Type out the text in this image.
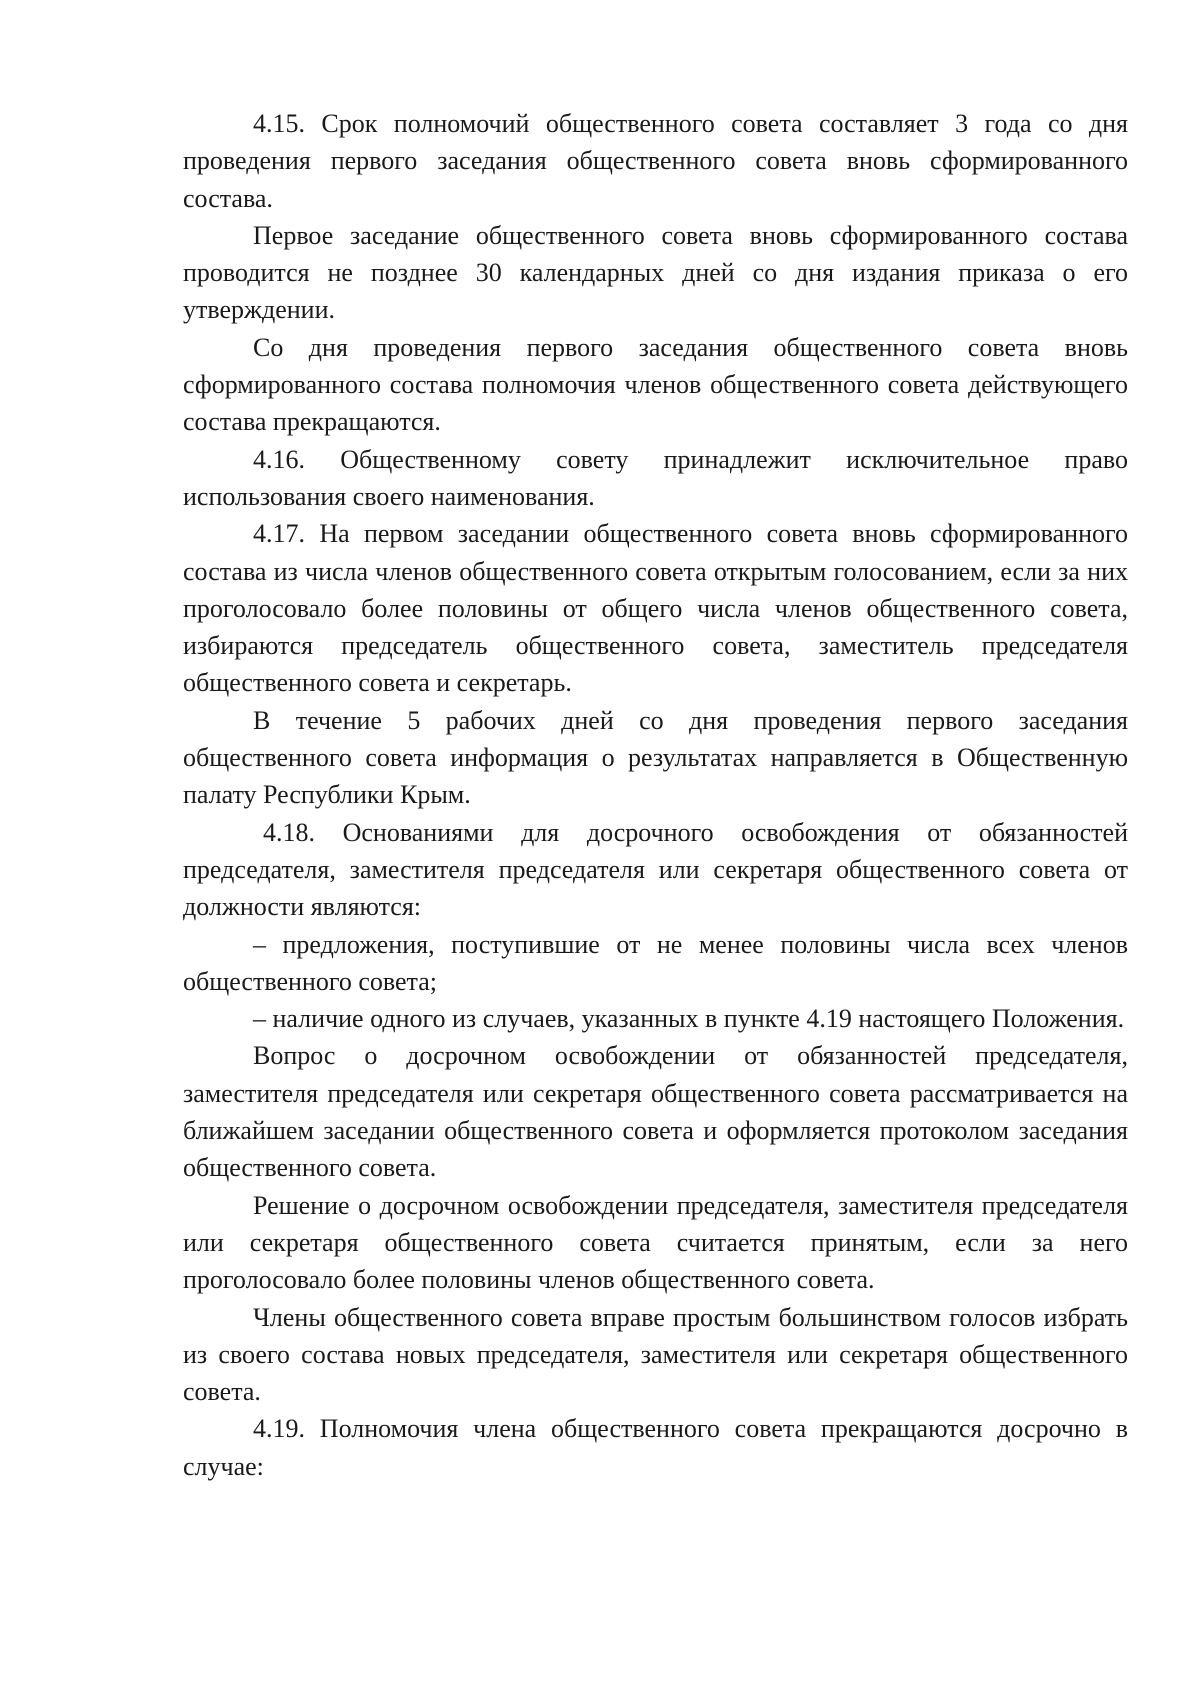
4.15. Срок полномочий общественного совета составляет 3 года со дня проведения первого заседания общественного совета вновь сформированного состава.

Первое заседание общественного совета вновь сформированного состава проводится не позднее 30 календарных дней со дня издания приказа о его утверждении.

Со дня проведения первого заседания общественного совета вновь сформированного состава полномочия членов общественного совета действующего состава прекращаются.

4.16. Общественному совету принадлежит исключительное право использования своего наименования.

4.17. На первом заседании общественного совета вновь сформированного состава из числа членов общественного совета открытым голосованием, если за них проголосовало более половины от общего числа членов общественного совета, избираются председатель общественного совета, заместитель председателя общественного совета и секретарь.

В течение 5 рабочих дней со дня проведения первого заседания общественного совета информация о результатах направляется в Общественную палату Республики Крым.

4.18. Основаниями для досрочного освобождения от обязанностей председателя, заместителя председателя или секретаря общественного совета от должности являются:

– предложения, поступившие от не менее половины числа всех членов общественного совета;

– наличие одного из случаев, указанных в пункте 4.19 настоящего Положения.

Вопрос о досрочном освобождении от обязанностей председателя, заместителя председателя или секретаря общественного совета рассматривается на ближайшем заседании общественного совета и оформляется протоколом заседания общественного совета.

Решение о досрочном освобождении председателя, заместителя председателя или секретаря общественного совета считается принятым, если за него проголосовало более половины членов общественного совета.

Члены общественного совета вправе простым большинством голосов избрать из своего состава новых председателя, заместителя или секретаря общественного совета.

4.19. Полномочия члена общественного совета прекращаются досрочно в случае:
